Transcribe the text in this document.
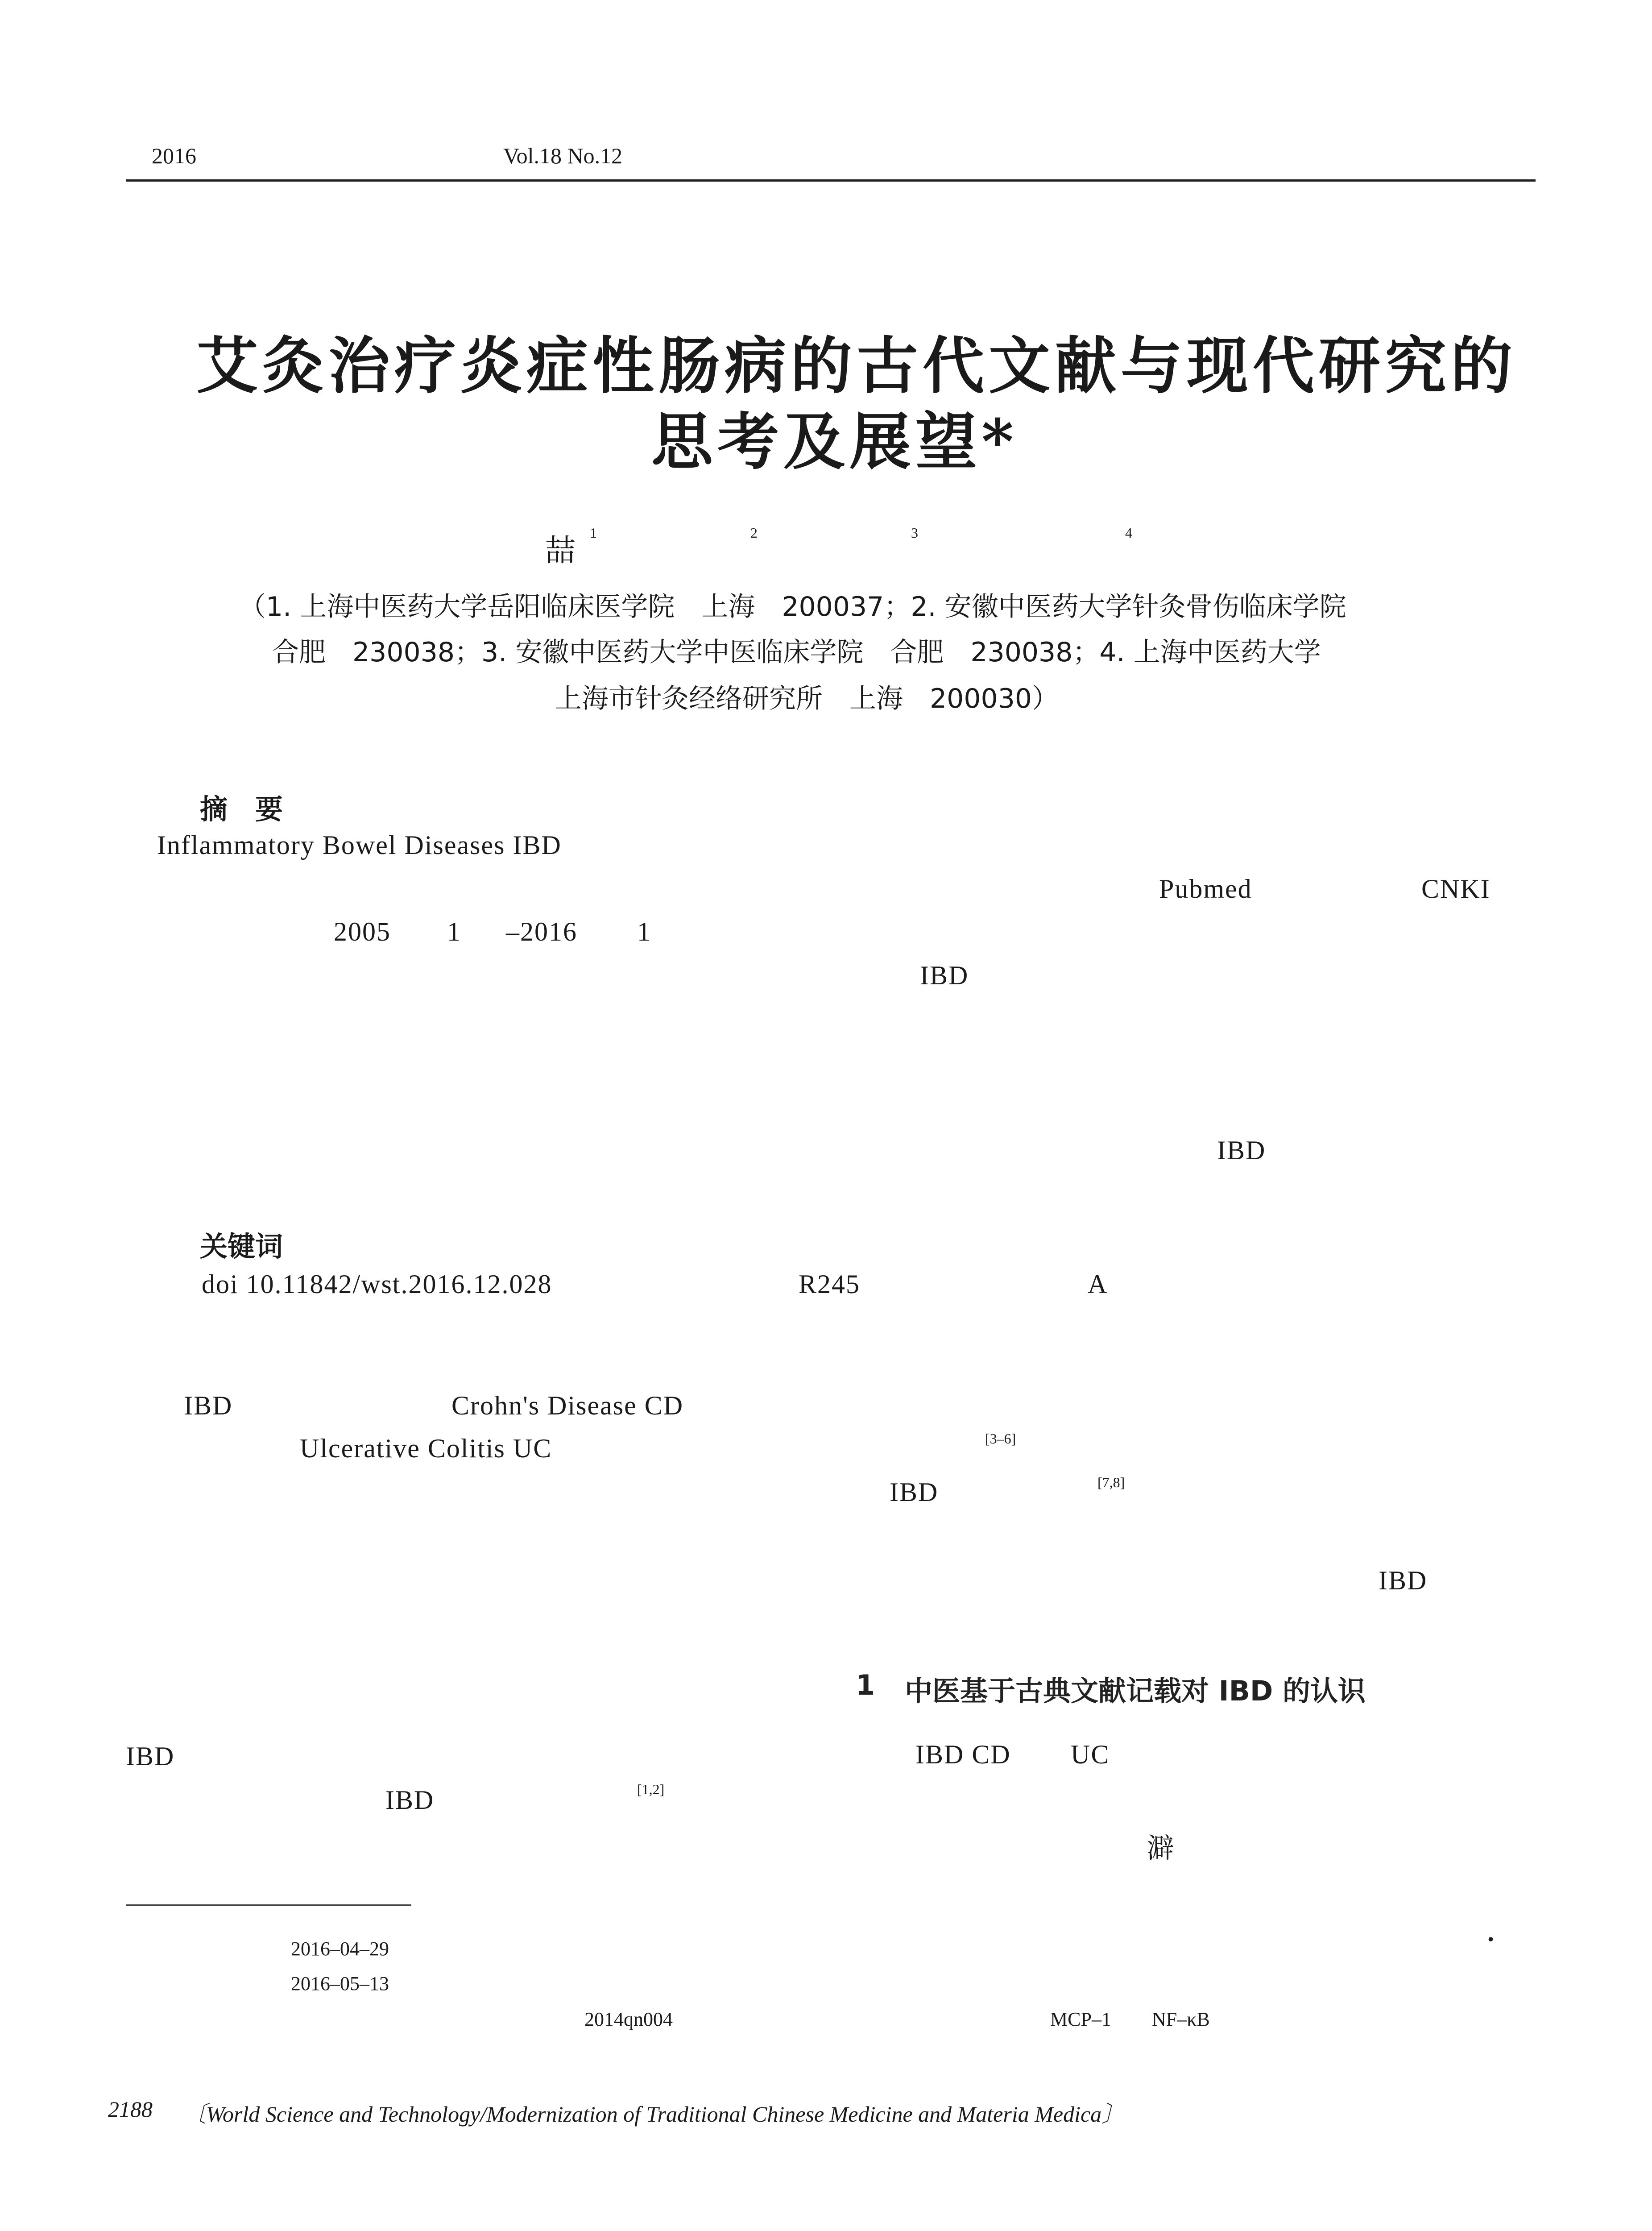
2016	Vol.18 No.12
艾灸治疗炎症性肠病的古代文献与现代研究的
思考及展望*
喆
1	2	3	4
（1. 上海中医药大学岳阳临床医学院　上海　200037；2. 安徽中医药大学针灸骨伤临床学院
合肥　230038；3. 安徽中医药大学中医临床学院　合肥　230038；4. 上海中医药大学
上海市针灸经络研究所　上海　200030）
摘　要
Inflammatory Bowel Diseases IBD
Pubmed	CNKI
2005 1 –2016 1
IBD
IBD
关键词
doi 10.11842/wst.2016.12.028	R245	A
IBD	Crohn's Disease CD
Ulcerative Colitis UC
IBD
IBD	[1,2]
[3–6]
IBD	[7,8]
IBD
1 中医基于古典文献记载对 IBD 的认识
IBD CD UC
澼
.
2016–04–29
2016–05–13
2014qn004	MCP–1 NF–κB
2188 〔World Science and Technology/Modernization of Traditional Chinese Medicine and Materia Medica〕
